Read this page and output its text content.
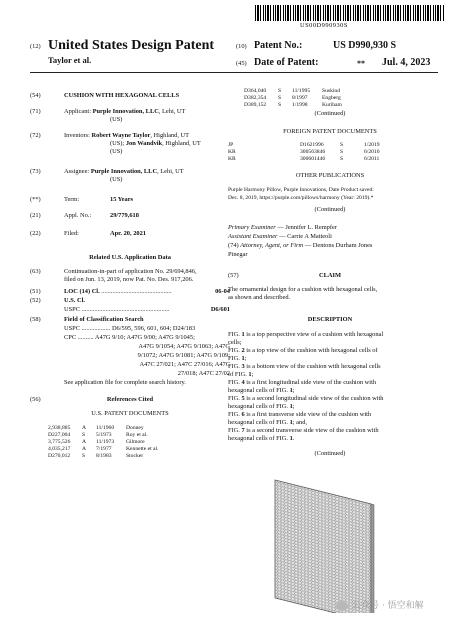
US00D990930S
(12) United States Design Patent
Taylor et al.
(10) Patent No.:	US D990,930 S
(45) Date of Patent:	** Jul. 4, 2023
(54)	CUSHION WITH HEXAGONAL CELLS
(71)	Applicant: Purple Innovation, LLC, Lehi, UT
(US)
(72)	Inventors: Robert Wayne Taylor, Highland, UT
(US); Jon Wandvik, Highland, UT
(US)
(73)	Assignee: Purple Innovation, LLC, Lehi, UT
(US)
(**)	Term:	15 Years
(21)	Appl. No.:	29/779,618
(22)	Filed:	Apr. 20, 2021
Related U.S. Application Data
(63)	Continuation-in-part of application No. 29/694,846,
filed on Jun. 13, 2019, now Pat. No. Des. 917,206.
(51)	LOC (14) Cl. ............................................	06-04
(52)	U.S. Cl.
USPC .......................................................	D6/601
(58)	Field of Classification Search
USPC .................. D6/595, 596, 601, 604; D24/183
CPC .......... A47G 9/10; A47G 9/00; A47G 9/1045;
A47G 9/1054; A47G 9/1063; A47G
9/1072; A47G 9/1081; A47G 9/109;
A47C 27/021; A47C 27/016; A47C
27/018; A47C 27/02
See application file for complete search history.
(56)	References Cited
U.S. PATENT DOCUMENTS
2,938,885 A 11/1960 Donney
D227,004 S 5/1973	Roy et al.
3,775,526 A 11/1973 Gilmore
4,035,217 A 7/1977	Kennette et al.
D270,012 S 8/1983	Stocker
D364,040 S 11/1995 Suskind
D382,354 S 8/1997	Engberg
D389,152 S 1/1998	Kuriham
(Continued)
FOREIGN PATENT DOCUMENTS
JP	D1621996	S	1/2019
KR	300563846	S	6/2010
KR	300601446	S	6/2011
OTHER PUBLICATIONS
Purple Harmony Pillow, Purple Innovations, Date Product saved:
Dec. 8, 2019, https://purple.com/pillows/harmony (Year: 2019).*
(Continued)
Primary Examiner — Jennifer L. Rempfer
Assistant Examiner — Carrie A Matteoli
(74) Attorney, Agent, or Firm — Dentons Durham Jones
Pinegar
(57)	CLAIM
The ornamental design for a cushion with hexagonal cells,
as shown and described.
DESCRIPTION
FIG. 1 is a top perspective view of a cushion with hexagonal
cells;
FIG. 2 is a top view of the cushion with hexagonal cells of
FIG. 1;
FIG. 3 is a bottom view of the cushion with hexagonal cells
of FIG. 1;
FIG. 4 is a first longitudinal side view of the cushion with
hexagonal cells of FIG. 1;
FIG. 5 is a second longitudinal side view of the cushion with
hexagonal cells of FIG. 1;
FIG. 6 is a first transverse side view of the cushion with
hexagonal cells of FIG. 1; and,
FIG. 7 is a second transverse side view of the cushion with
hexagonal cells of FIG. 1.
(Continued)
公众号 · 悟空和解
